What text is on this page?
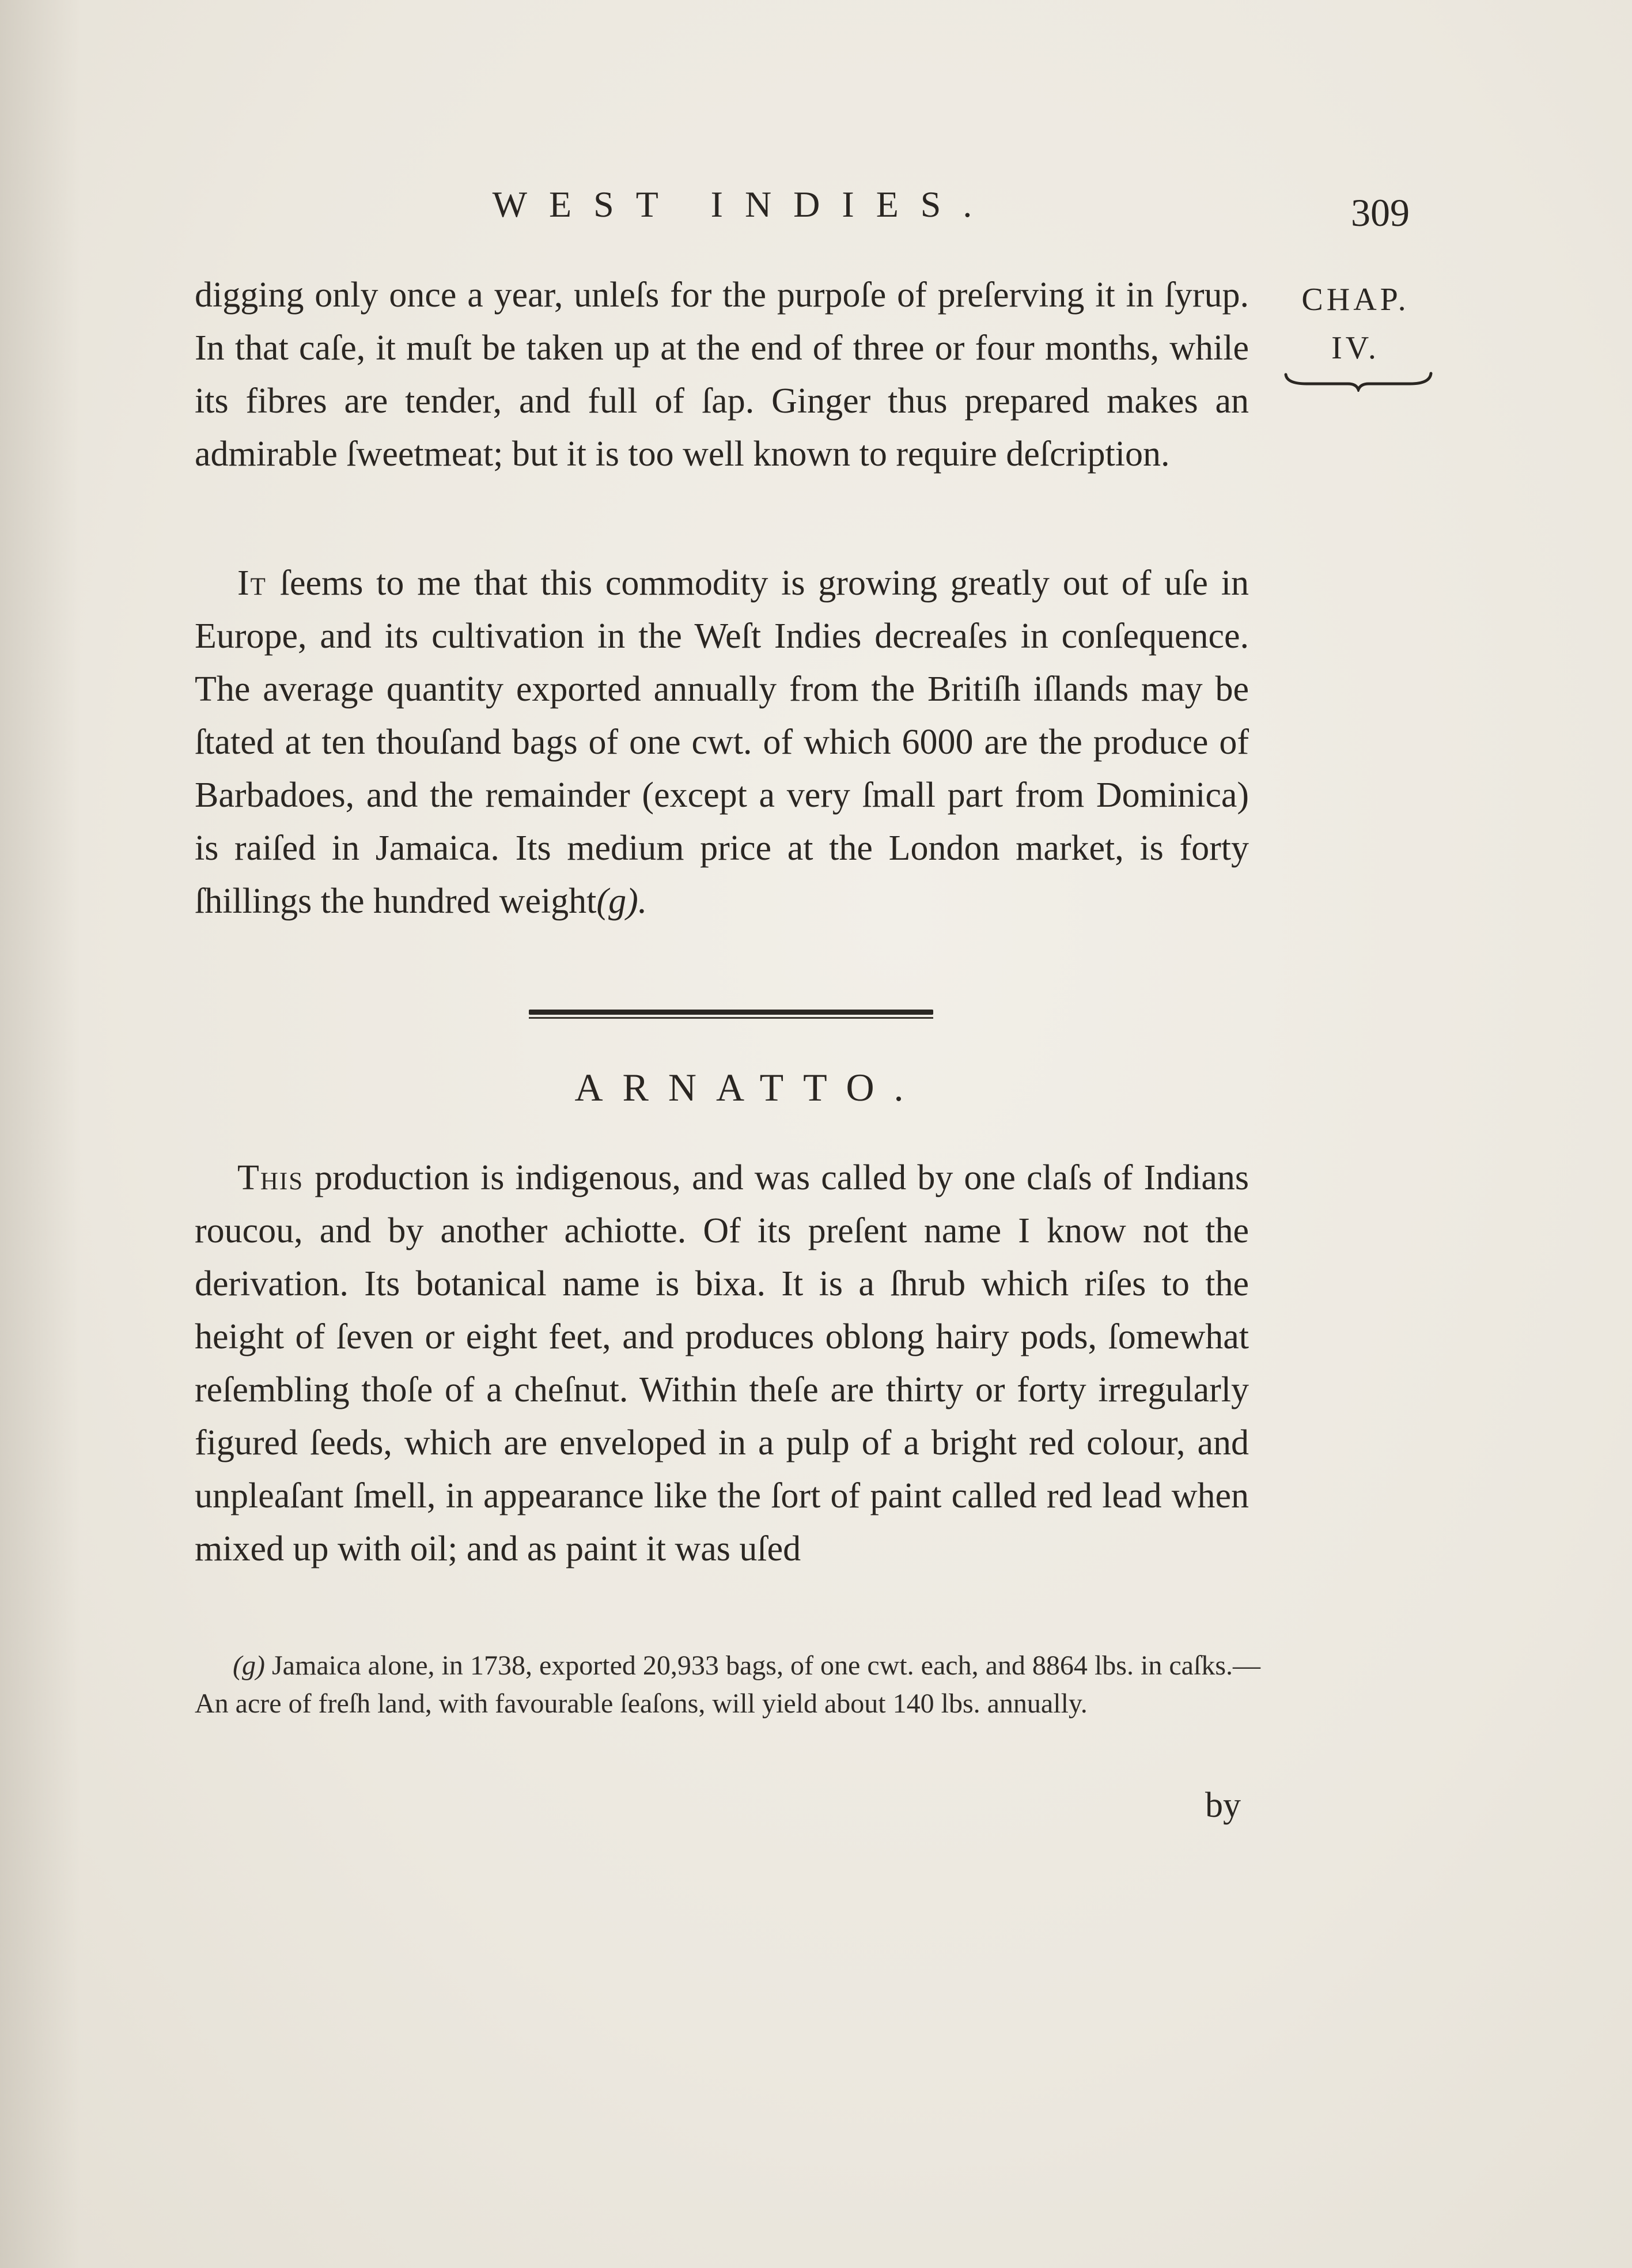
WEST INDIES.	309
CHAP.
IV.
digging only once a year, unleſs for the purpoſe of preſerving it in ſyrup. In that caſe, it muſt be taken up at the end of three or four months, while its fibres are tender, and full of ſap. Ginger thus prepared makes an admirable ſweetmeat; but it is too well known to require deſcription.
It ſeems to me that this commodity is growing greatly out of uſe in Europe, and its cultivation in the Weſt Indies decreaſes in conſequence. The average quantity exported annually from the Britiſh iſlands may be ſtated at ten thouſand bags of one cwt. of which 6000 are the produce of Barbadoes, and the remainder (except a very ſmall part from Dominica) is raiſed in Jamaica. Its medium price at the London market, is forty ſhillings the hundred weight(g).
ARNATTO.
This production is indigenous, and was called by one claſs of Indians roucou, and by another achiotte. Of its preſent name I know not the derivation. Its botanical name is bixa. It is a ſhrub which riſes to the height of ſeven or eight feet, and produces oblong hairy pods, ſomewhat reſembling thoſe of a cheſnut. Within theſe are thirty or forty irregularly figured ſeeds, which are enveloped in a pulp of a bright red colour, and unpleaſant ſmell, in appearance like the ſort of paint called red lead when mixed up with oil; and as paint it was uſed
(g) Jamaica alone, in 1738, exported 20,933 bags, of one cwt. each, and 8864 lbs. in caſks.—An acre of freſh land, with favourable ſeaſons, will yield about 140 lbs. annually.
by
